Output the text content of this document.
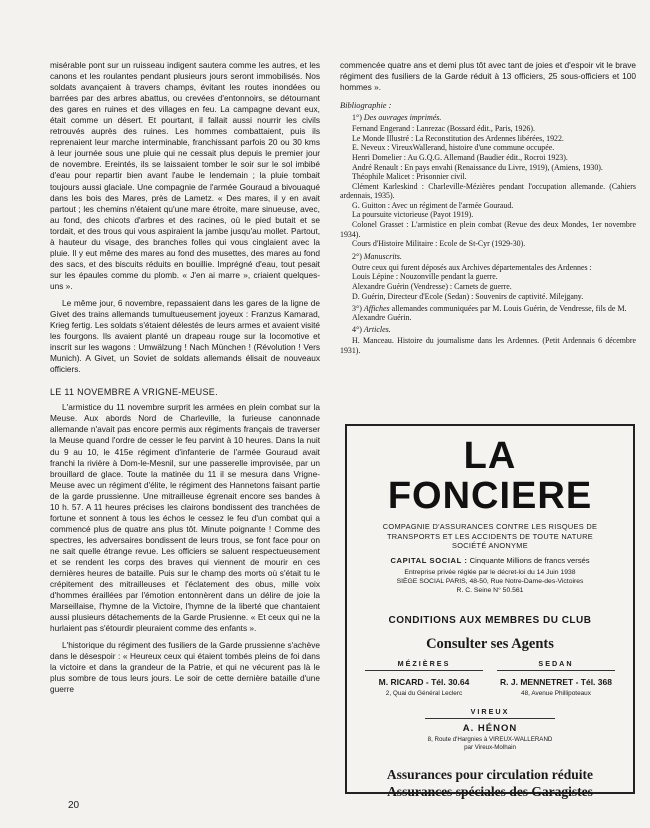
misérable pont sur un ruisseau indigent sautera comme les autres, et les canons et les roulantes pendant plusieurs jours seront immobilisés. Nos soldats avançaient à travers champs, évitant les routes inondées ou barrées par des arbres abattus, ou crevées d'entonnoirs, se détournant des gares en ruines et des villages en feu. La campagne devant eux, était comme un désert. Et pourtant, il fallait aussi nourrir les civils retrouvés auprès des ruines. Les hommes combattaient, puis ils reprenaient leur marche interminable, franchissant parfois 20 ou 30 kms à leur journée sous une pluie qui ne cessait plus depuis le premier jour de novembre. Ereintés, ils se laissaient tomber le soir sur le sol imbibé d'eau pour repartir bien avant l'aube le lendemain ; la pluie tombait toujours aussi glaciale. Une compagnie de l'armée Gouraud a bivouaqué dans les bois des Mares, près de Lametz. « Des mares, il y en avait partout ; les chemins n'étaient qu'une mare étroite, mare sinueuse, avec, au fond, des chicots d'arbres et des racines, où le pied butait et se tordait, et des trous qui vous aspiraient la jambe jusqu'au mollet. Partout, à hauteur du visage, des branches folles qui vous cinglaient avec la pluie. Il y eut même des mares au fond des musettes, des mares au fond des sacs, et des biscuits réduits en bouillie. Imprégné d'eau, tout pesait sur les épaules comme du plomb. « J'en ai marre », criaient quelques-uns ».

Le même jour, 6 novembre, repassaient dans les gares de la ligne de Givet des trains allemands tumultueusement joyeux : Franzus Kamarad, Krieg fertig. Les soldats s'étaient délestés de leurs armes et avaient visité les fourgons. Ils avaient planté un drapeau rouge sur la locomotive et inscrit sur les wagons : Umwälzung ! Nach München ! (Révolution ! Vers Munich). A Givet, un Soviet de soldats allemands élisait de nouveaux officiers.

LE 11 NOVEMBRE A VRIGNE-MEUSE.

L'armistice du 11 novembre surprit les armées en plein combat sur la Meuse. Aux abords Nord de Charleville, la furieuse canonnade allemande n'avait pas encore permis aux régiments français de traverser la Meuse quand l'ordre de cesser le feu parvint à 10 heures. Dans la nuit du 9 au 10, le 415e régiment d'infanterie de l'armée Gouraud avait franchi la rivière à Dom-le-Mesnil, sur une passerelle improvisée, par un brouillard de glace. Toute la matinée du 11 il se mesura dans Vrigne-Meuse avec un régiment d'élite, le régiment des Hannetons faisant partie de la garde prussienne. Une mitrailleuse égrenait encore ses bandes à 10 h. 57. A 11 heures précises les clairons bondissent des tranchées de fortune et sonnent à tous les échos le cessez le feu d'un combat qui a commencé plus de quatre ans plus tôt. Minute poignante ! Comme des spectres, les adversaires bondissent de leurs trous, se font face pour on ne sait quelle étrange revue. Les officiers se saluent respectueusement et se rendent les corps des braves qui viennent de mourir en ces dernières heures de bataille. Puis sur le champ des morts où s'était tu le crépitement des mitrailleuses et l'éclatement des obus, mille voix d'hommes éraillées par l'émotion entonnèrent dans un délire de joie la Marseillaise, l'hymne de la Victoire, l'hymne de la liberté que chantaient aussi plusieurs détachements de la Garde Prusienne. « Et ceux qui ne la hurlaient pas s'étourdir pleuraient comme des enfants ».

L'historique du régiment des fusiliers de la Garde prussienne s'achève dans le désespoir : « Heureux ceux qui étaient tombés pleins de foi dans la victoire et dans la grandeur de la Patrie, et qui ne vécurent pas là le plus sombre de tous leurs jours. Le soir de cette dernière bataille d'une guerre

commencée quatre ans et demi plus tôt avec tant de joies et d'espoir vit le brave régiment des fusiliers de la Garde réduit à 13 officiers, 25 sous-officiers et 100 hommes ».

Bibliographie :

1°) Des ouvrages imprimés.

Fernand Engerand : Lanrezac (Bossard édit., Paris, 1926).

Le Monde Illustré : La Reconstitution des Ardennes libérées, 1922.

E. Neveux : VireuxWallerand, histoire d'une commune occupée.

Henri Domelier : Au G.Q.G. Allemand (Baudier édit., Rocroi 1923).

André Renault : En pays envahi (Renaissance du Livre, 1919), (Amiens, 1930).

Théophile Malicet : Prisonnier civil.

Clément Karleskind : Charleville-Mézières pendant l'occupation allemande. (Cahiers ardennais, 1935).

G. Guitton : Avec un régiment de l'armée Gouraud.

La poursuite victorieuse (Payot 1919).

Colonel Grasset : L'armistice en plein combat (Revue des deux Mondes, 1er novembre 1934).

Cours d'Histoire Militaire : Ecole de St-Cyr (1929-30).

2°) Manuscrits.

Outre ceux qui furent déposés aux Archives départementales des Ardennes :

Louis Lépine : Nouzonville pendant la guerre.

Alexandre Guérin (Vendresse) : Carnets de guerre.

D. Guérin, Directeur d'Ecole (Sedan) : Souvenirs de captivité. Milejgany.

3°) Affiches allemandes communiquées par M. Louis Guérin, de Vendresse, fils de M. Alexandre Guérin.

4°) Articles.

H. Manceau. Histoire du journalisme dans les Ardennes. (Petit Ardennais 6 décembre 1931).

LA FONCIERE

COMPAGNIE D'ASSURANCES CONTRE LES RISQUES DE

TRANSPORTS ET LES ACCIDENTS DE TOUTE NATURE

SOCIÉTÉ ANONYME

CAPITAL SOCIAL : Cinquante Millions de francs versés

Entreprise privée réglée par le décret-loi du 14 Juin 1938

SIÈGE SOCIAL PARIS, 48-50, Rue Notre-Dame-des-Victoires

R. C. Seine N° 50.561

CONDITIONS AUX MEMBRES DU CLUB

Consulter ses Agents

MÉZIÈRES
M. RICARD - Tél. 30.64
2, Quai du Général Leclerc
SEDAN
R. J. MENNETRET - Tél. 368
48, Avenue Phillipoteaux
VIREUX
A. HÉNON
8, Route d'Hargnies à VIREUX-WALLERAND
par Vireux-Molhain

Assurances pour circulation réduite

Assurances spéciales des Garagistes

20
